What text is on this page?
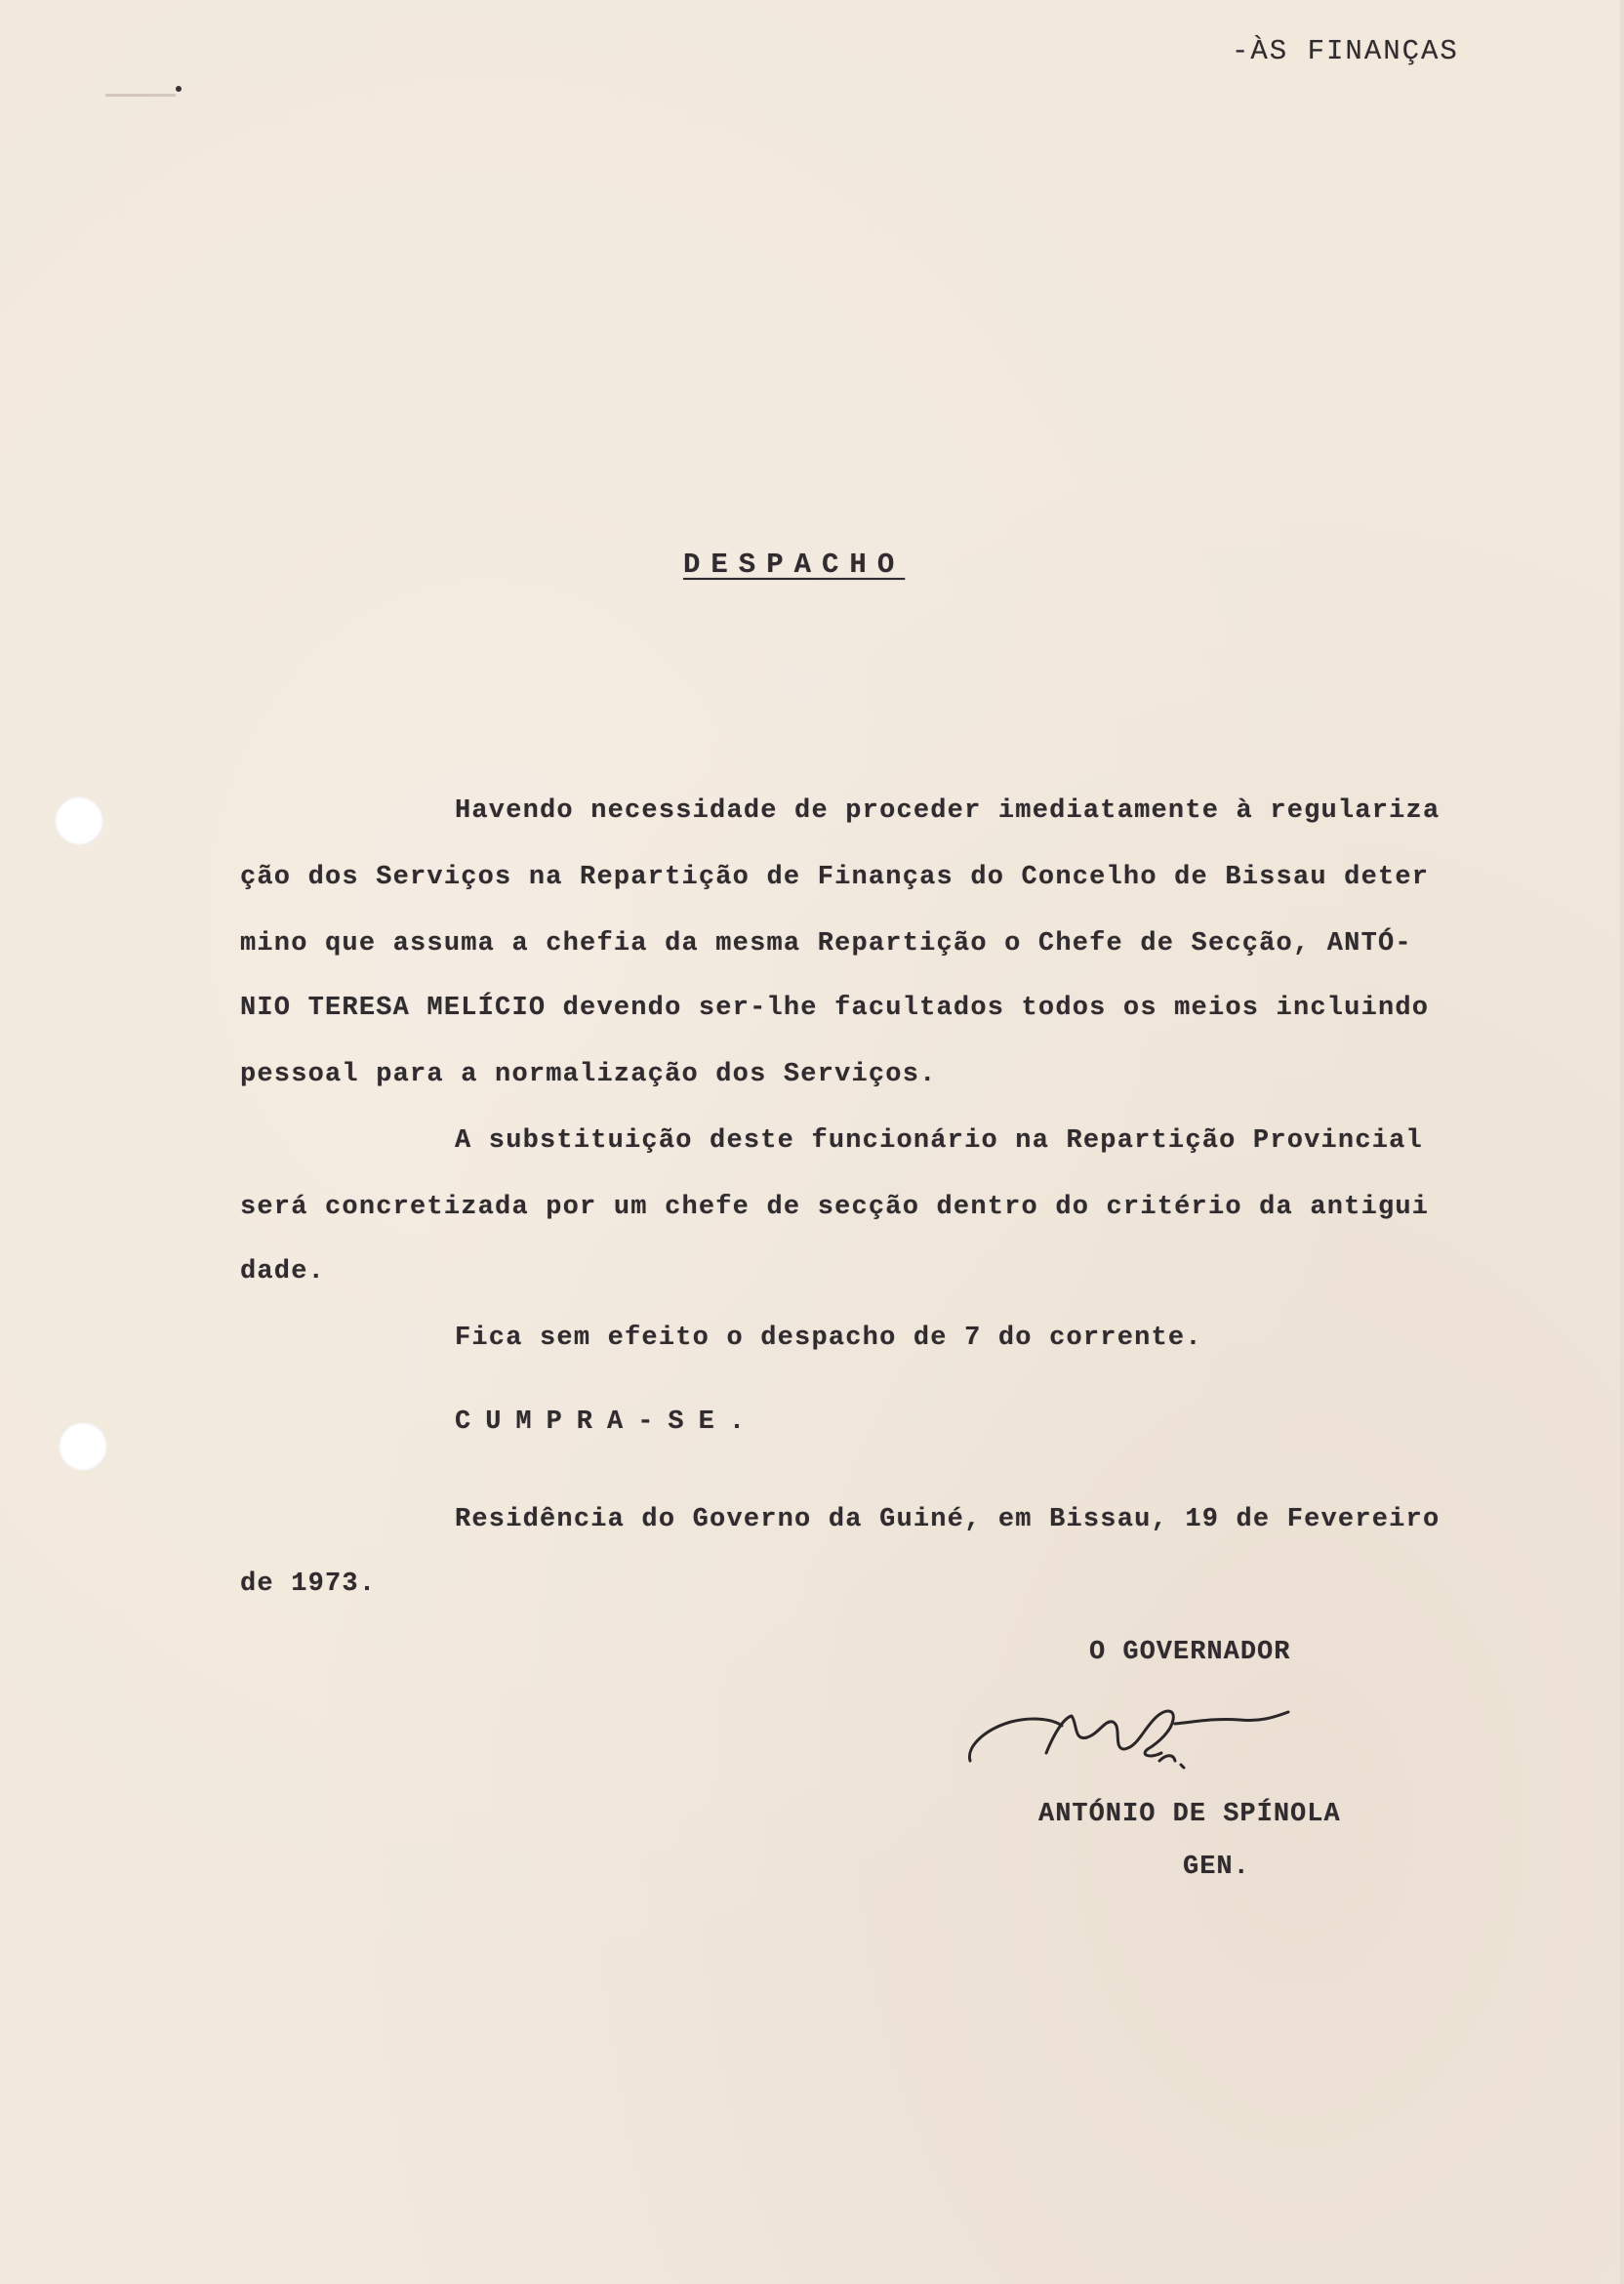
-ÀS FINANÇAS
DESPACHO
Havendo necessidade de proceder imediatamente à regulariza
ção dos Serviços na Repartição de Finanças do Concelho de Bissau deter
mino que assuma a chefia da mesma Repartição o Chefe de Secção, ANTÓ-
NIO TERESA MELÍCIO devendo ser-lhe facultados todos os meios incluindo
pessoal para a normalização dos Serviços.
A substituição deste funcionário na Repartição Provincial
será concretizada por um chefe de secção dentro do critério da antigui
dade.
Fica sem efeito o despacho de 7 do corrente.
CUMPRA-SE.
Residência do Governo da Guiné, em Bissau, 19 de Fevereiro
de 1973.
O GOVERNADOR
ANTÓNIO DE SPÍNOLA
GEN.
